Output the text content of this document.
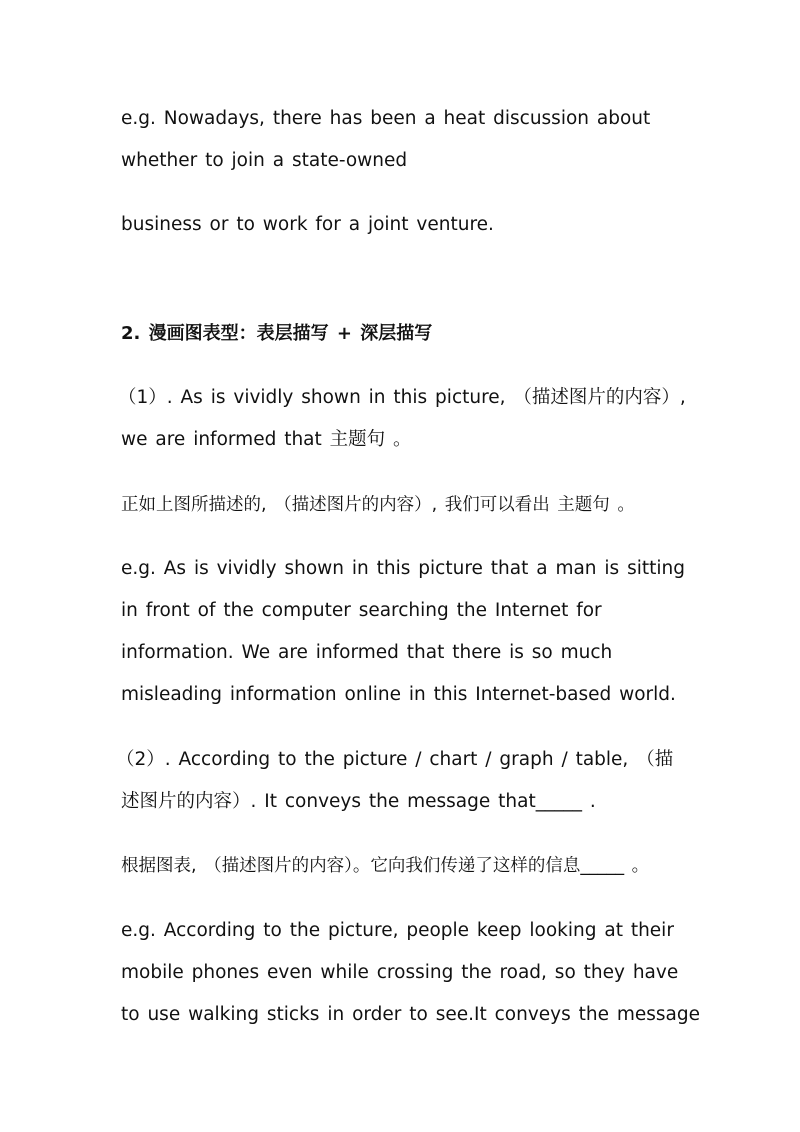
e.g. Nowadays, there has been a heat discussion about
whether to join a state-owned
business or to work for a joint venture.
2. 漫画图表型：表层描写 + 深层描写
（1）. As is vividly shown in this picture, （描述图片的内容）,
we are informed that 主题句 。
正如上图所描述的, （描述图片的内容）, 我们可以看出 主题句 。
e.g. As is vividly shown in this picture that a man is sitting
in front of the computer searching the Internet for
information. We are informed that there is so much
misleading information online in this Internet-based world.
（2）. According to the picture / chart / graph / table, （描
述图片的内容）. It conveys the message that_____ .
根据图表, （描述图片的内容）。它向我们传递了这样的信息_____ 。
e.g. According to the picture, people keep looking at their
mobile phones even while crossing the road, so they have
to use walking sticks in order to see.It conveys the message
